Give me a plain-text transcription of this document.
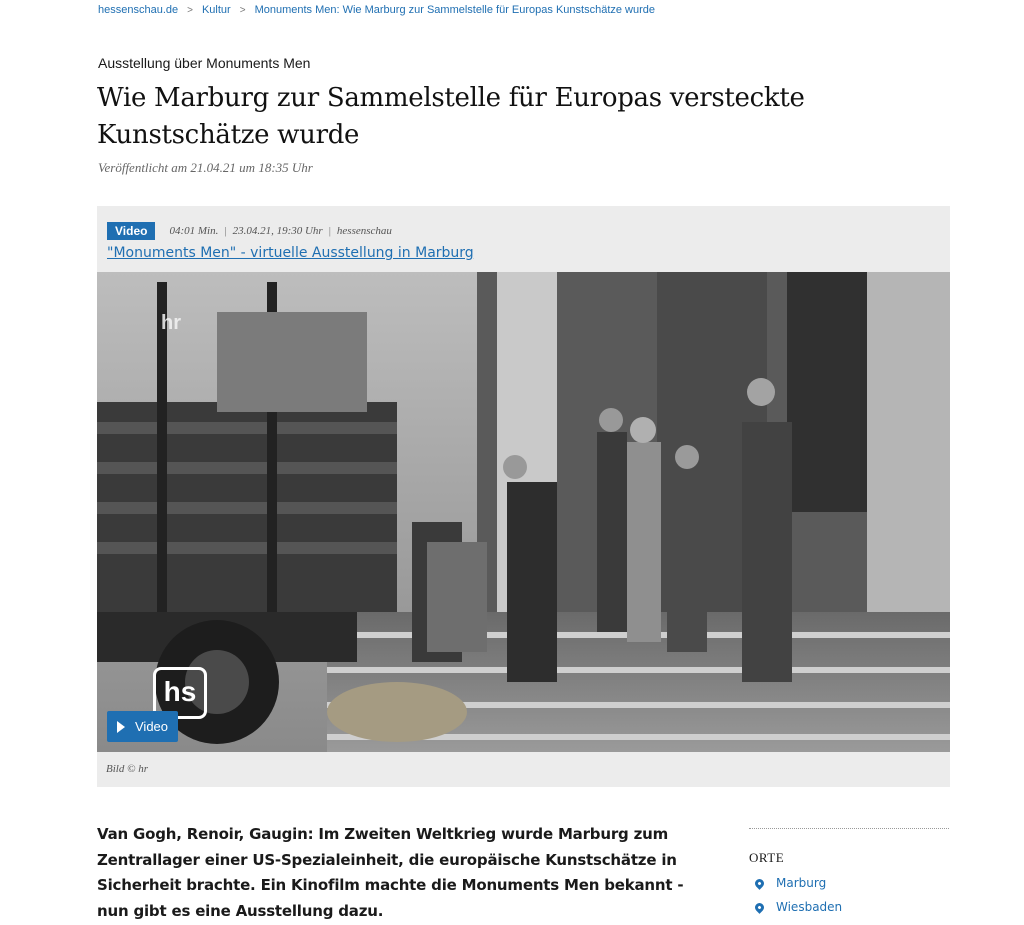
hessenschau.de > Kultur > Monuments Men: Wie Marburg zur Sammelstelle für Europas Kunstschätze wurde
Ausstellung über Monuments Men
Wie Marburg zur Sammelstelle für Europas versteckte Kunstschätze wurde
Veröffentlicht am 21.04.21 um 18:35 Uhr
Video	04:01 Min. | 23.04.21, 19:30 Uhr | hessenschau
"Monuments Men" - virtuelle Ausstellung in Marburg
hr
hs
Video
Bild © hr

Van Gogh, Renoir, Gaugin: Im Zweiten Weltkrieg wurde Marburg zum Zentrallager einer US-Spezialeinheit, die europäische Kunstschätze in Sicherheit brachte. Ein Kinofilm machte die Monuments Men bekannt - nun gibt es eine Ausstellung dazu.

ORTE
Marburg
Wiesbaden
